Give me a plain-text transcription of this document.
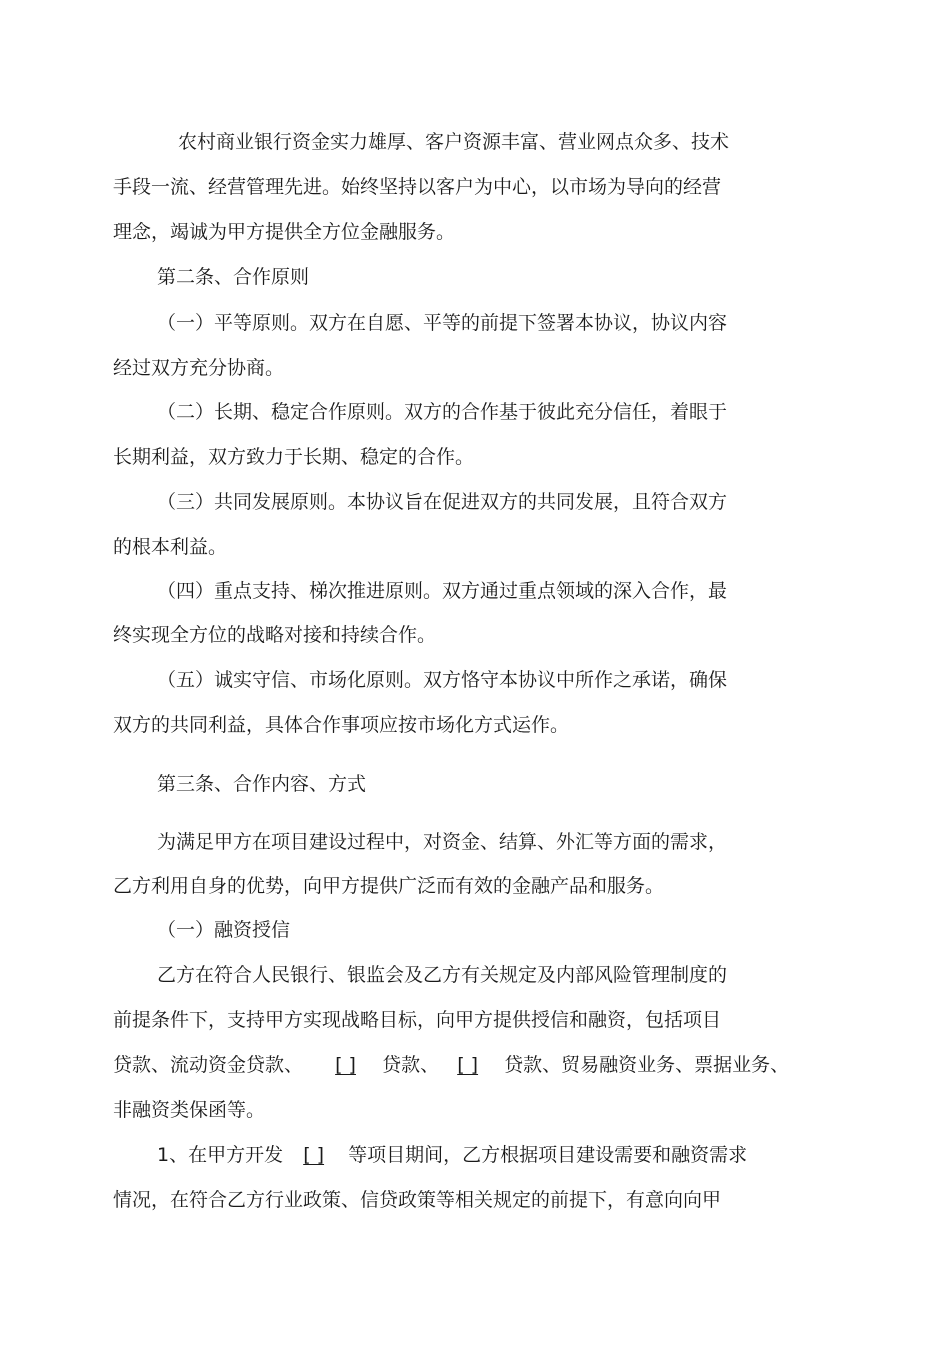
农村商业银行资金实力雄厚、客户资源丰富、营业网点众多、技术
手段一流、经营管理先进。始终坚持以客户为中心，以市场为导向的经营
理念，竭诚为甲方提供全方位金融服务。
第二条、合作原则
（一）平等原则。双方在自愿、平等的前提下签署本协议，协议内容
经过双方充分协商。
（二）长期、稳定合作原则。双方的合作基于彼此充分信任，着眼于
长期利益，双方致力于长期、稳定的合作。
（三）共同发展原则。本协议旨在促进双方的共同发展，且符合双方
的根本利益。
（四）重点支持、梯次推进原则。双方通过重点领域的深入合作，最
终实现全方位的战略对接和持续合作。
（五）诚实守信、市场化原则。双方恪守本协议中所作之承诺，确保
双方的共同利益，具体合作事项应按市场化方式运作。
第三条、合作内容、方式
为满足甲方在项目建设过程中，对资金、结算、外汇等方面的需求，
乙方利用自身的优势，向甲方提供广泛而有效的金融产品和服务。
（一）融资授信
乙方在符合人民银行、银监会及乙方有关规定及内部风险管理制度的
前提条件下，支持甲方实现战略目标，向甲方提供授信和融资，包括项目
贷款、流动资金贷款、 [ ] 贷款、 [ ] 贷款、贸易融资业务、票据业务、
非融资类保函等。
1、在甲方开发 [ ] 等项目期间，乙方根据项目建设需要和融资需求
情况，在符合乙方行业政策、信贷政策等相关规定的前提下，有意向向甲
